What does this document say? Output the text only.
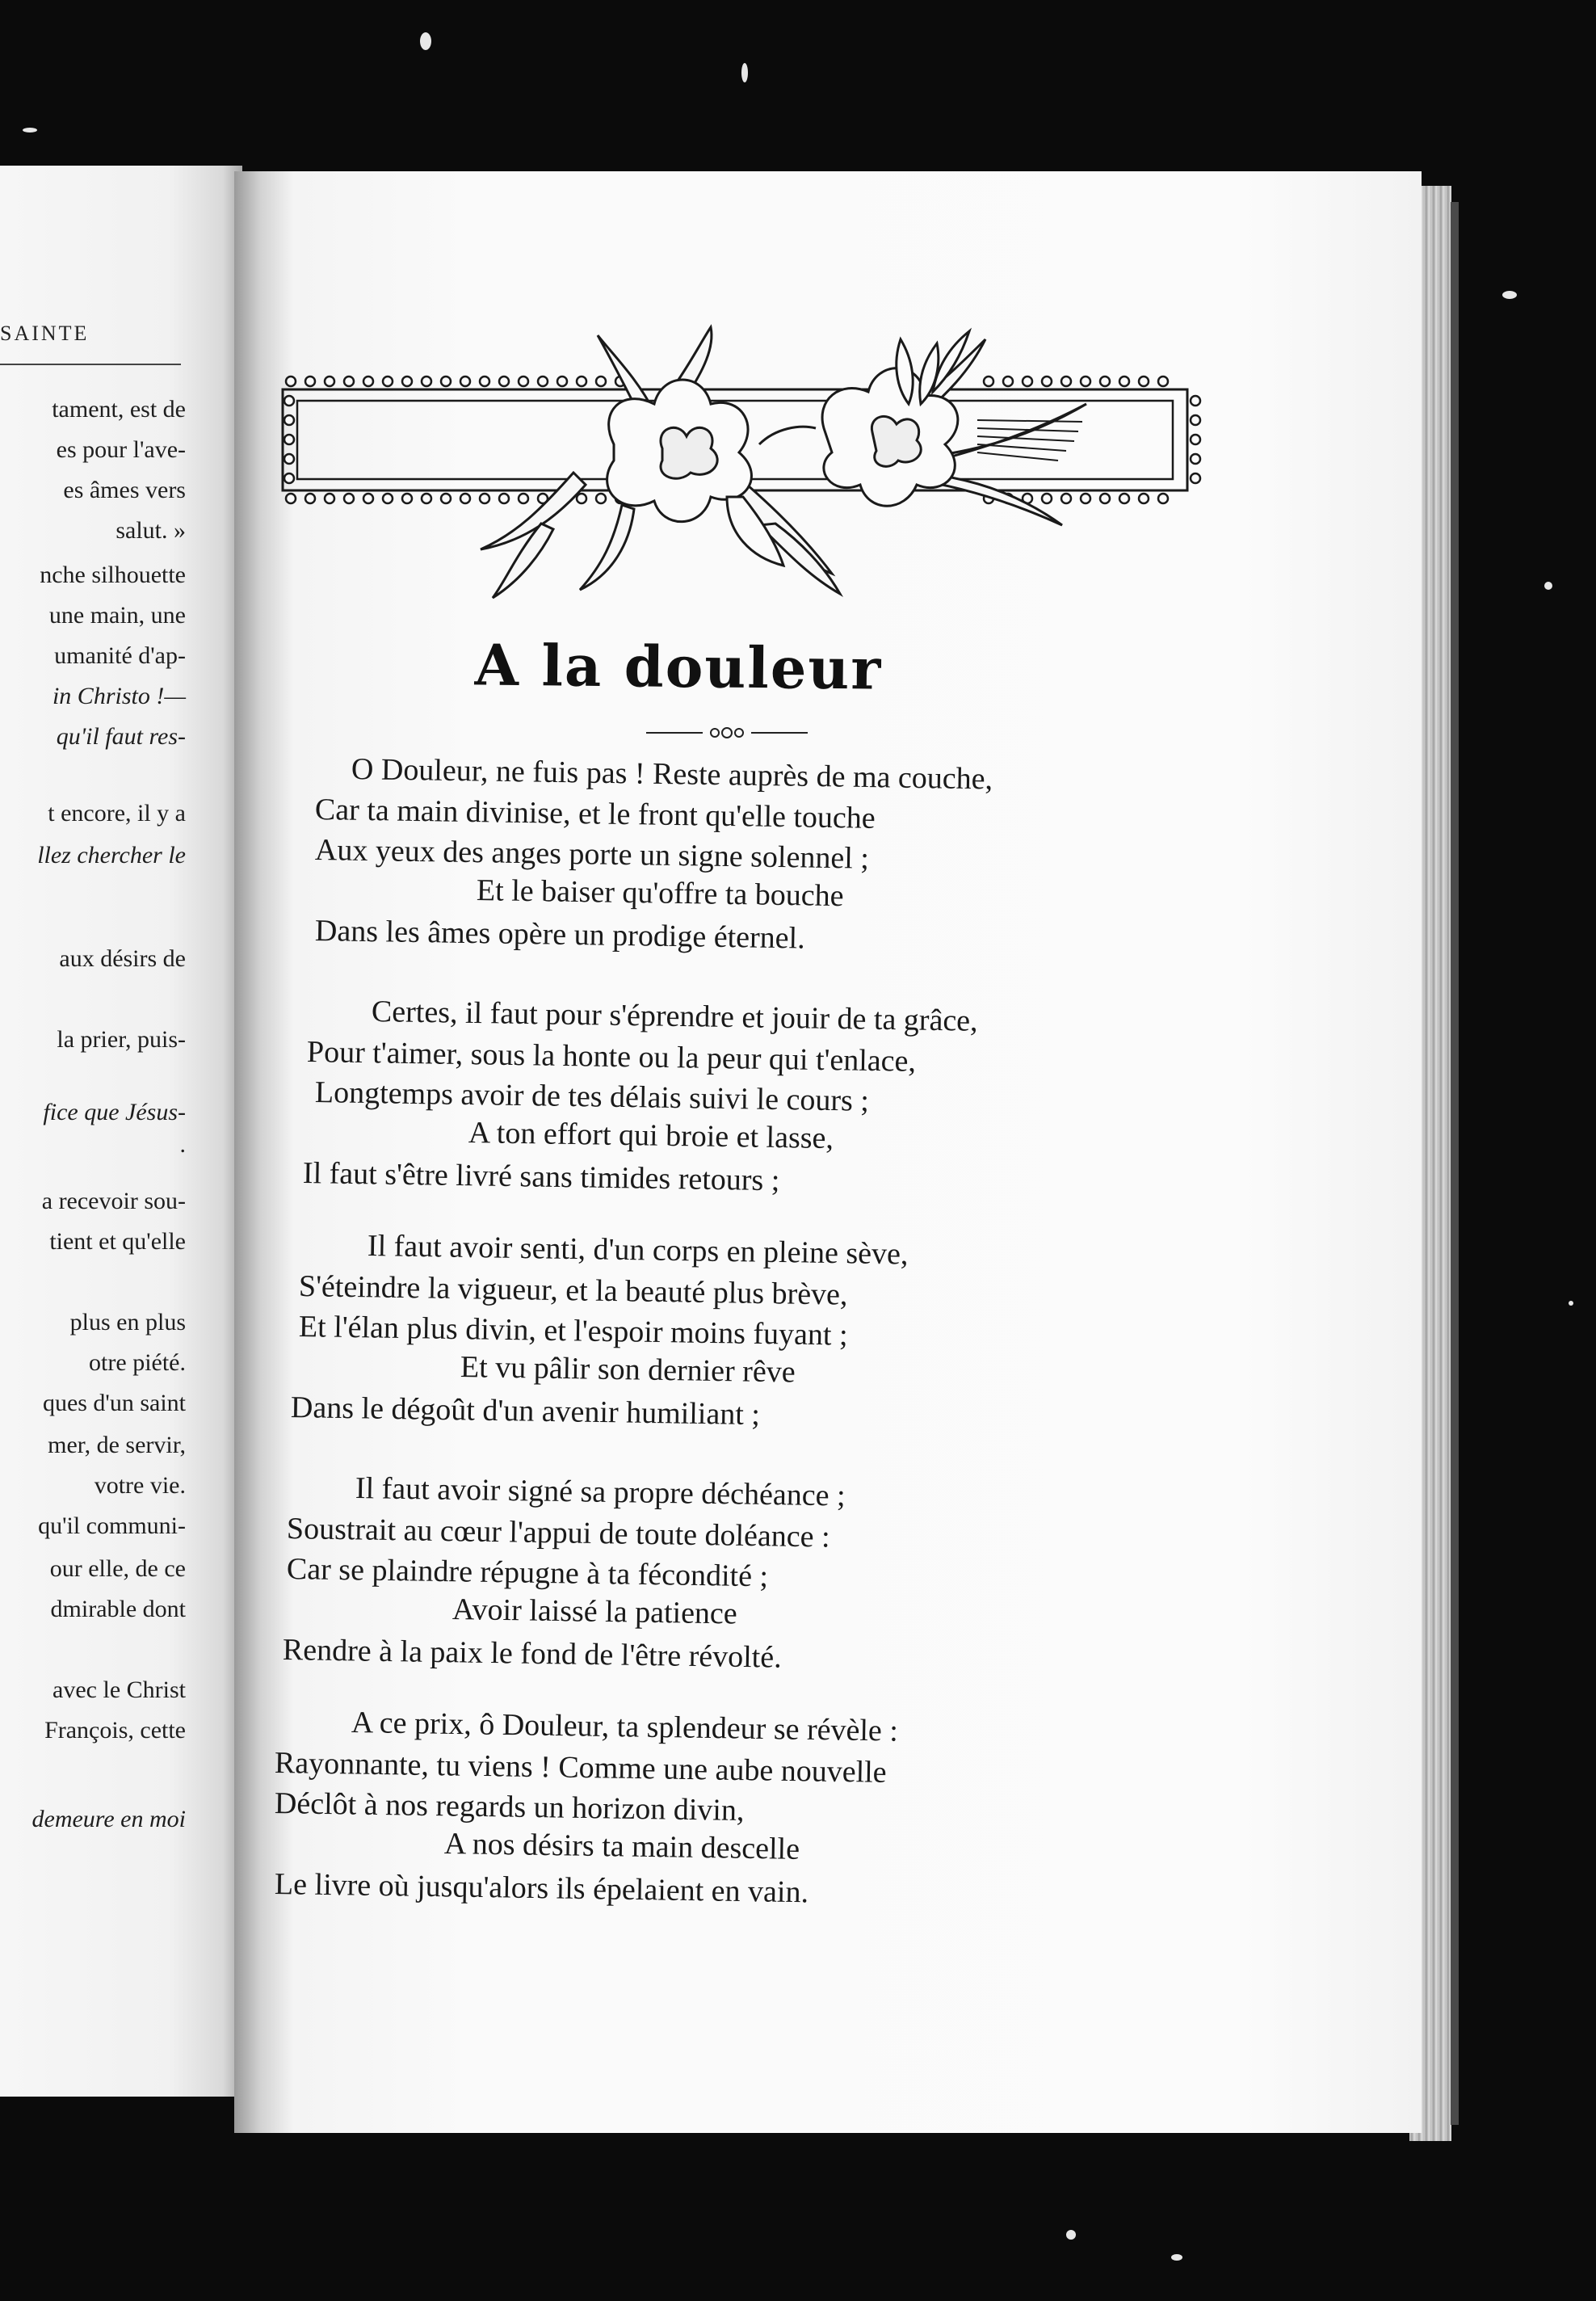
SAINTE
tament, est de
es pour l'ave-
es âmes vers
salut. »
nche silhouette
une main, une
umanité d'ap-
in Christo !—
qu'il faut res-
t encore, il y a
llez chercher le
aux désirs de
la prier, puis-
fice que Jésus-
.
a recevoir sou-
tient et qu'elle
plus en plus
otre piété.
ques d'un saint
mer, de servir,
votre vie.
qu'il communi-
our elle, de ce
dmirable dont
avec le Christ
François, cette
demeure en moi
A la douleur
O Douleur, ne fuis pas ! Reste auprès de ma couche,
Car ta main divinise, et le front qu'elle touche
Aux yeux des anges porte un signe solennel ;
Et le baiser qu'offre ta bouche
Dans les âmes opère un prodige éternel.
Certes, il faut pour s'éprendre et jouir de ta grâce,
Pour t'aimer, sous la honte ou la peur qui t'enlace,
Longtemps avoir de tes délais suivi le cours ;
A ton effort qui broie et lasse,
Il faut s'être livré sans timides retours ;
Il faut avoir senti, d'un corps en pleine sève,
S'éteindre la vigueur, et la beauté plus brève,
Et l'élan plus divin, et l'espoir moins fuyant ;
Et vu pâlir son dernier rêve
Dans le dégoût d'un avenir humiliant ;
Il faut avoir signé sa propre déchéance ;
Soustrait au cœur l'appui de toute doléance :
Car se plaindre répugne à ta fécondité ;
Avoir laissé la patience
Rendre à la paix le fond de l'être révolté.
A ce prix, ô Douleur, ta splendeur se révèle :
Rayonnante, tu viens ! Comme une aube nouvelle
Déclôt à nos regards un horizon divin,
A nos désirs ta main descelle
Le livre où jusqu'alors ils épelaient en vain.
